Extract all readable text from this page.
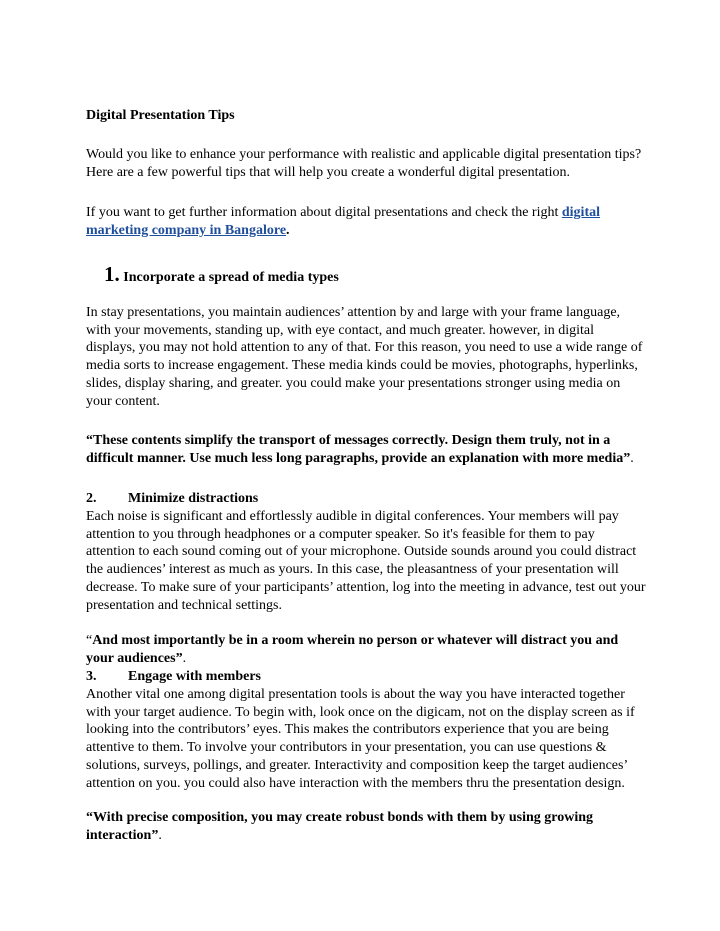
Digital Presentation Tips

Would you like to enhance your performance with realistic and applicable digital presentation tips? Here are a few powerful tips that will help you create a wonderful digital presentation.

If you want to get further information about digital presentations and check the right digital marketing company in Bangalore.

1. Incorporate a spread of media types

In stay presentations, you maintain audiences’ attention by and large with your frame language, with your movements, standing up, with eye contact, and much greater. however, in digital displays, you may not hold attention to any of that. For this reason, you need to use a wide range of media sorts to increase engagement. These media kinds could be movies, photographs, hyperlinks, slides, display sharing, and greater. you could make your presentations stronger using media on your content.

“These contents simplify the transport of messages correctly. Design them truly, not in a difficult manner. Use much less long paragraphs, provide an explanation with more media”.

2. Minimize distractions

Each noise is significant and effortlessly audible in digital conferences. Your members will pay attention to you through headphones or a computer speaker. So it's feasible for them to pay attention to each sound coming out of your microphone. Outside sounds around you could distract the audiences’ interest as much as yours. In this case, the pleasantness of your presentation will decrease. To make sure of your participants’ attention, log into the meeting in advance, test out your presentation and technical settings.

“And most importantly be in a room wherein no person or whatever will distract you and your audiences”.

3. Engage with members

Another vital one among digital presentation tools is about the way you have interacted together with your target audience. To begin with, look once on the digicam, not on the display screen as if looking into the contributors’ eyes. This makes the contributors experience that you are being attentive to them. To involve your contributors in your presentation, you can use questions & solutions, surveys, pollings, and greater. Interactivity and composition keep the target audiences’ attention on you. you could also have interaction with the members thru the presentation design.

“With precise composition, you may create robust bonds with them by using growing interaction”.
